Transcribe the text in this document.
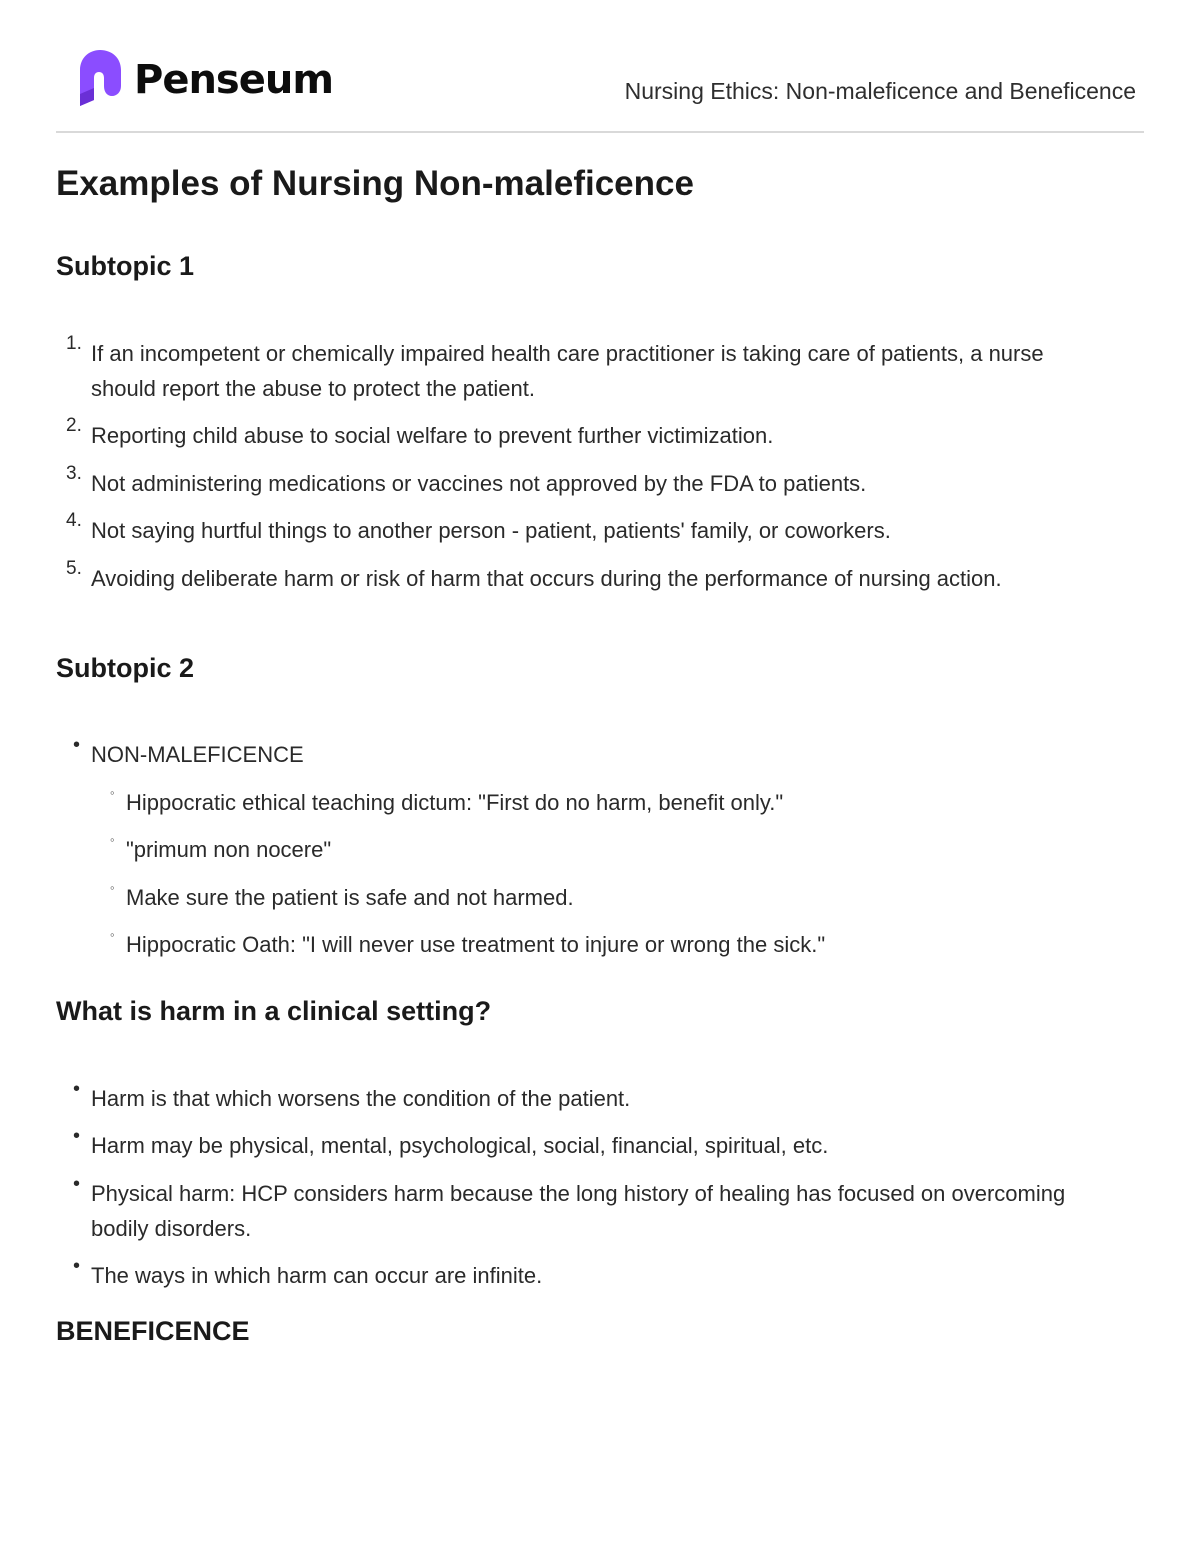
Penseum	Nursing Ethics: Non-maleficence and Beneficence
Examples of Nursing Non-maleficence
Subtopic 1
1. If an incompetent or chemically impaired health care practitioner is taking care of patients, a nurse should report the abuse to protect the patient.
2. Reporting child abuse to social welfare to prevent further victimization.
3. Not administering medications or vaccines not approved by the FDA to patients.
4. Not saying hurtful things to another person - patient, patients' family, or coworkers.
5. Avoiding deliberate harm or risk of harm that occurs during the performance of nursing action.
Subtopic 2
• NON-MALEFICENCE
◦ Hippocratic ethical teaching dictum: "First do no harm, benefit only."
◦ "primum non nocere"
◦ Make sure the patient is safe and not harmed.
◦ Hippocratic Oath: "I will never use treatment to injure or wrong the sick."
What is harm in a clinical setting?
• Harm is that which worsens the condition of the patient.
• Harm may be physical, mental, psychological, social, financial, spiritual, etc.
• Physical harm: HCP considers harm because the long history of healing has focused on overcoming bodily disorders.
• The ways in which harm can occur are infinite.
BENEFICENCE
